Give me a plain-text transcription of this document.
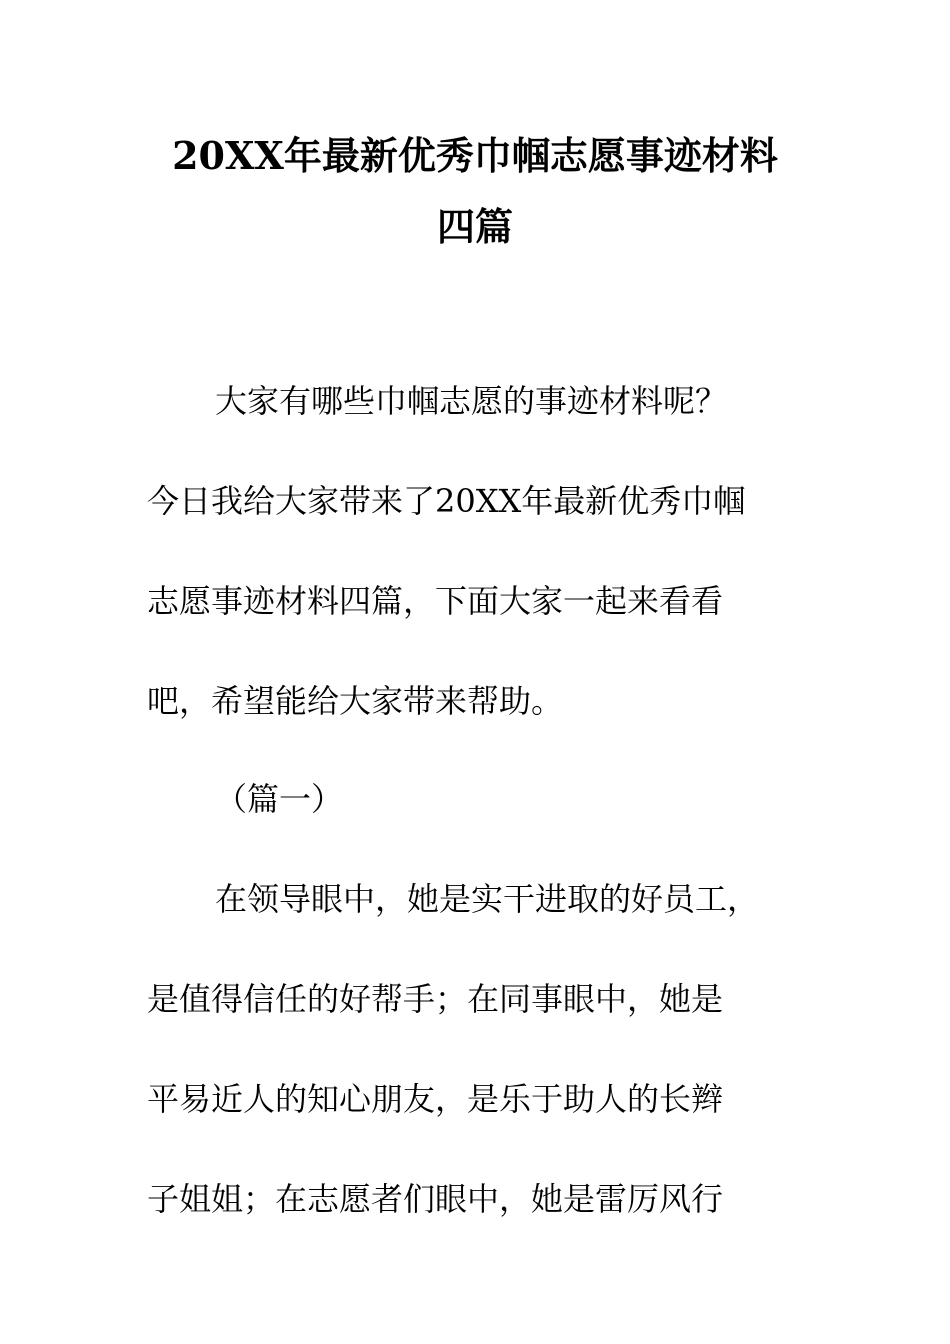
20XX年最新优秀巾帼志愿事迹材料
四篇
大家有哪些巾帼志愿的事迹材料呢？
今日我给大家带来了20XX年最新优秀巾帼
志愿事迹材料四篇，下面大家一起来看看
吧，希望能给大家带来帮助。
（篇一）
在领导眼中，她是实干进取的好员工，
是值得信任的好帮手；在同事眼中，她是
平易近人的知心朋友，是乐于助人的长辫
子姐姐；在志愿者们眼中，她是雷厉风行
